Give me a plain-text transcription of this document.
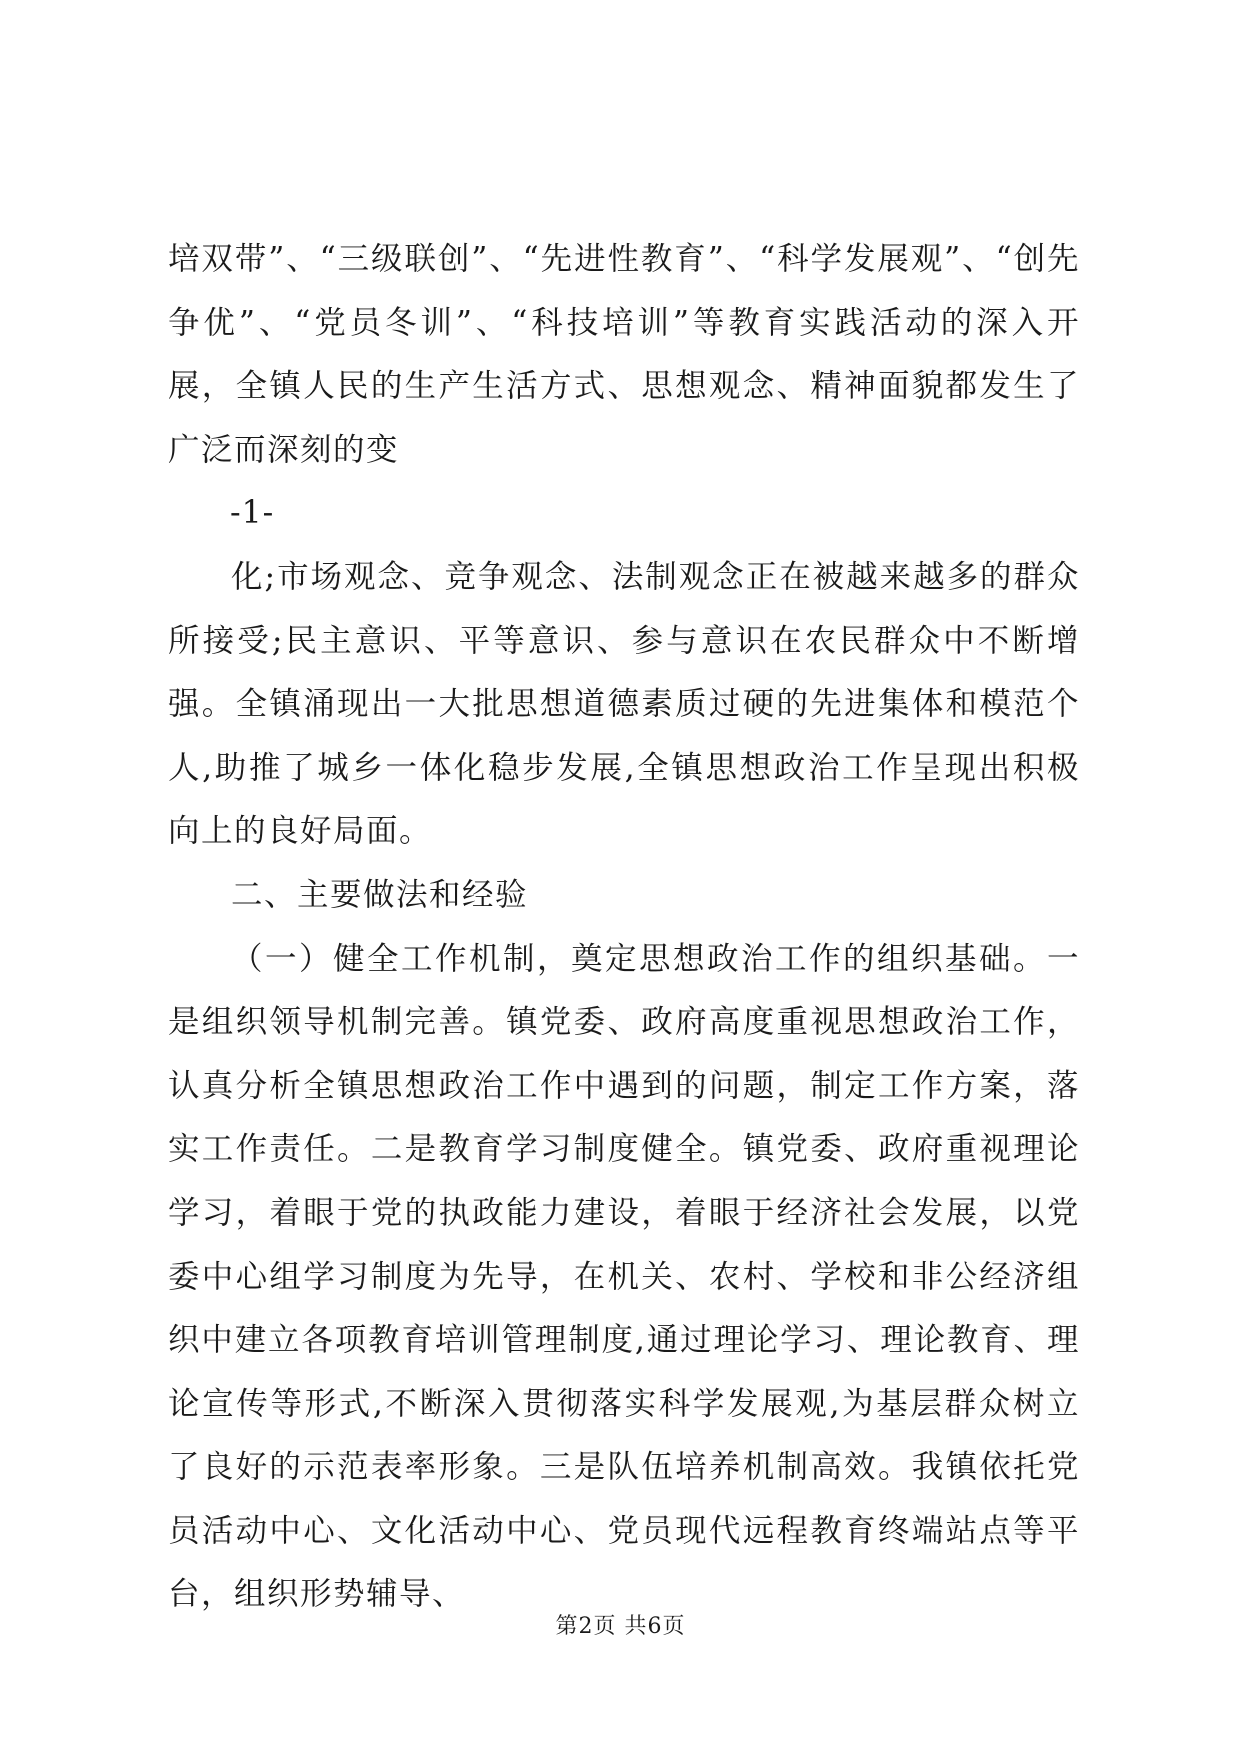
培双带”、“三级联创”、“先进性教育”、“科学发展观”、“创先争优”、“党员冬训”、“科技培训”等教育实践活动的深入开展，全镇人民的生产生活方式、思想观念、精神面貌都发生了广泛而深刻的变

-1-

化;市场观念、竞争观念、法制观念正在被越来越多的群众所接受;民主意识、平等意识、参与意识在农民群众中不断增强。全镇涌现出一大批思想道德素质过硬的先进集体和模范个人,助推了城乡一体化稳步发展,全镇思想政治工作呈现出积极向上的良好局面。

二、主要做法和经验

（一）健全工作机制，奠定思想政治工作的组织基础。一是组织领导机制完善。镇党委、政府高度重视思想政治工作，认真分析全镇思想政治工作中遇到的问题，制定工作方案，落实工作责任。二是教育学习制度健全。镇党委、政府重视理论学习，着眼于党的执政能力建设，着眼于经济社会发展，以党委中心组学习制度为先导，在机关、农村、学校和非公经济组织中建立各项教育培训管理制度,通过理论学习、理论教育、理论宣传等形式,不断深入贯彻落实科学发展观,为基层群众树立了良好的示范表率形象。三是队伍培养机制高效。我镇依托党员活动中心、文化活动中心、党员现代远程教育终端站点等平台，组织形势辅导、

第2页 共6页
